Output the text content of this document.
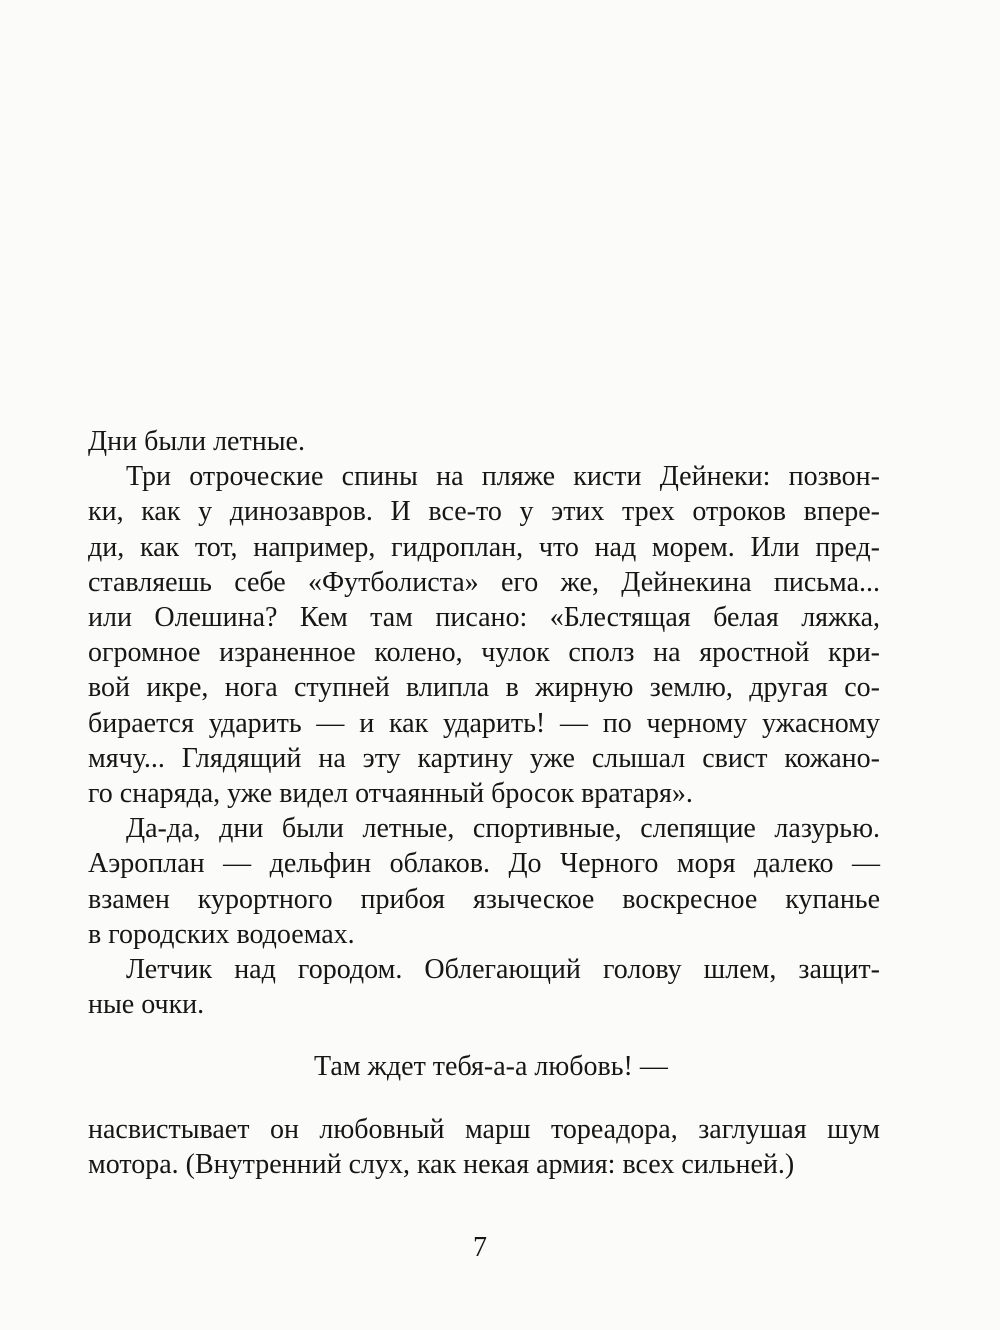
Дни были летные.
Три отроческие спины на пляже кисти Дейнеки: позвон-
ки, как у динозавров. И все-то у этих трех отроков впере-
ди, как тот, например, гидроплан, что над морем. Или пред-
ставляешь себе «Футболиста» его же, Дейнекина письма...
или Олешина? Кем там писано: «Блестящая белая ляжка,
огромное израненное колено, чулок сполз на яростной кри-
вой икре, нога ступней влипла в жирную землю, другая со-
бирается ударить — и как ударить! — по черному ужасному
мячу... Глядящий на эту картину уже слышал свист кожано-
го снаряда, уже видел отчаянный бросок вратаря».
Да-да, дни были летные, спортивные, слепящие лазурью.
Аэроплан — дельфин облаков. До Черного моря далеко —
взамен курортного прибоя языческое воскресное купанье
в городских водоемах.
Летчик над городом. Облегающий голову шлем, защит-
ные очки.
Там ждет тебя-а-а любовь! —
насвистывает он любовный марш тореадора, заглушая шум
мотора. (Внутренний слух, как некая армия: всех сильней.)
7
